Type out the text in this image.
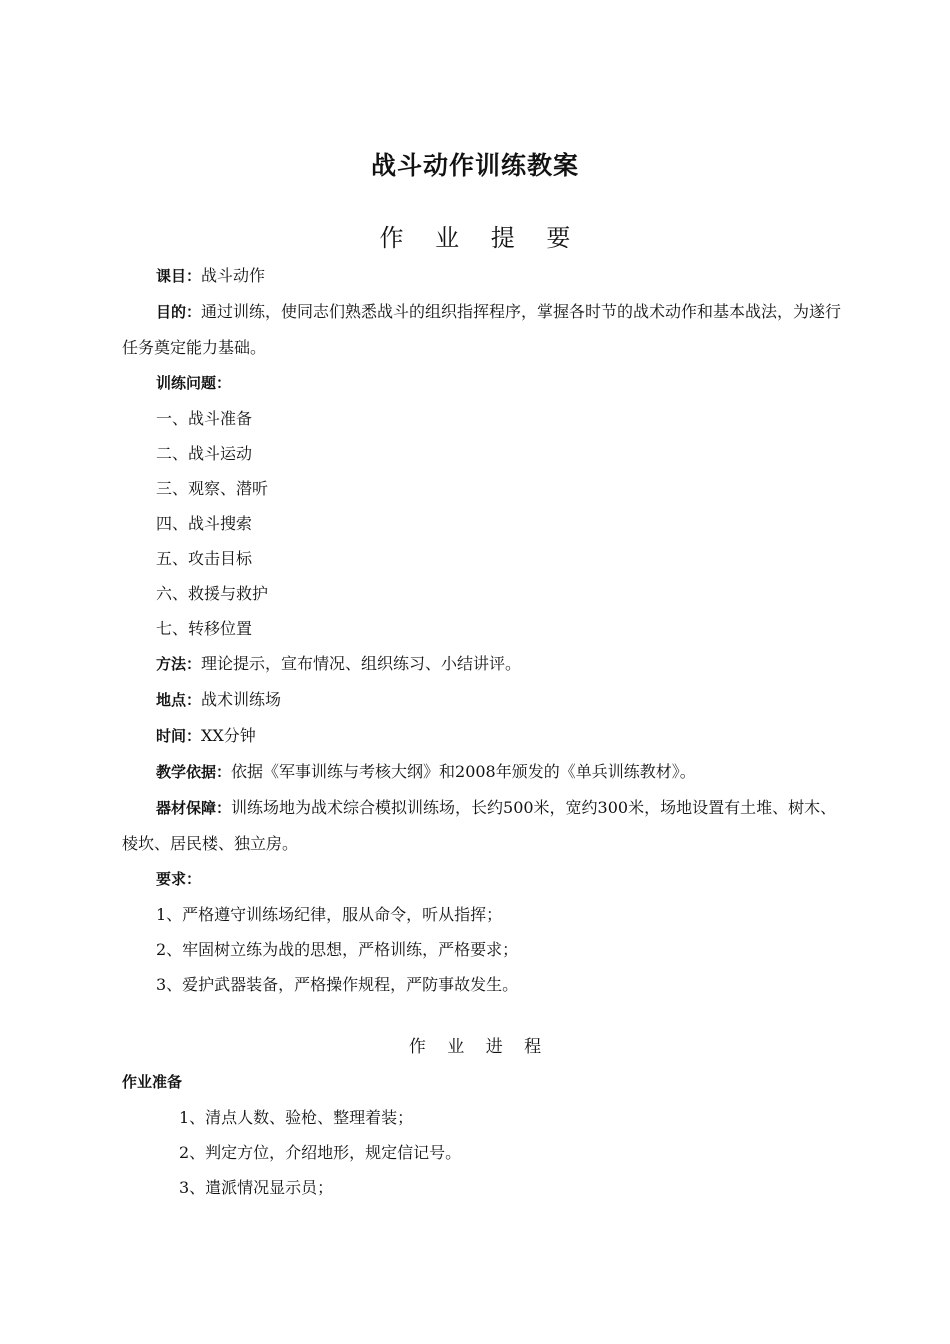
战斗动作训练教案
作 业 提 要
课目：战斗动作
目的：通过训练，使同志们熟悉战斗的组织指挥程序，掌握各时节的战术动作和基本战法，为遂行任务奠定能力基础。
训练问题：
一、战斗准备
二、战斗运动
三、观察、潜听
四、战斗搜索
五、攻击目标
六、救援与救护
七、转移位置
方法：理论提示，宣布情况、组织练习、小结讲评。
地点：战术训练场
时间：XX分钟
教学依据：依据《军事训练与考核大纲》和2008年颁发的《单兵训练教材》。
器材保障：训练场地为战术综合模拟训练场，长约500米，宽约300米，场地设置有土堆、树木、棱坎、居民楼、独立房。
要求：
1、严格遵守训练场纪律，服从命令，听从指挥；
2、牢固树立练为战的思想，严格训练，严格要求；
3、爱护武器装备，严格操作规程，严防事故发生。
作 业 进 程
作业准备
1、清点人数、验枪、整理着装；
2、判定方位，介绍地形，规定信记号。
3、遣派情况显示员；
